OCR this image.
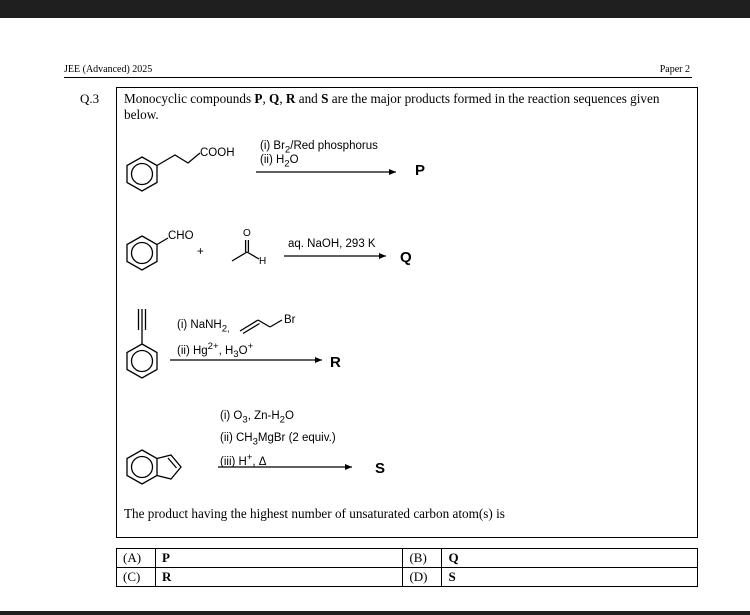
JEE (Advanced) 2025	Paper 2
Q.3 Monocyclic compounds P, Q, R and S are the major products formed in the reaction sequences given below.
COOH
(i) $Br_2$/Red phosphorus
(ii) $H_2O$
P
CHO
+
O
H
aq. NaOH, 293 K
Q
(i) NaNH$_{2,}$
Br
(ii) $Hg^{2+}$, $H_3O^+$
R
(i) $O_3$, $Zn-H_2O$
(ii) $CH_3MgBr$ (2 equiv.)
(iii) H+, Δ	S
The product having the highest number of unsaturated carbon atom(s) is
(A)	P	(B)	Q
(C)	R	(D)	S
